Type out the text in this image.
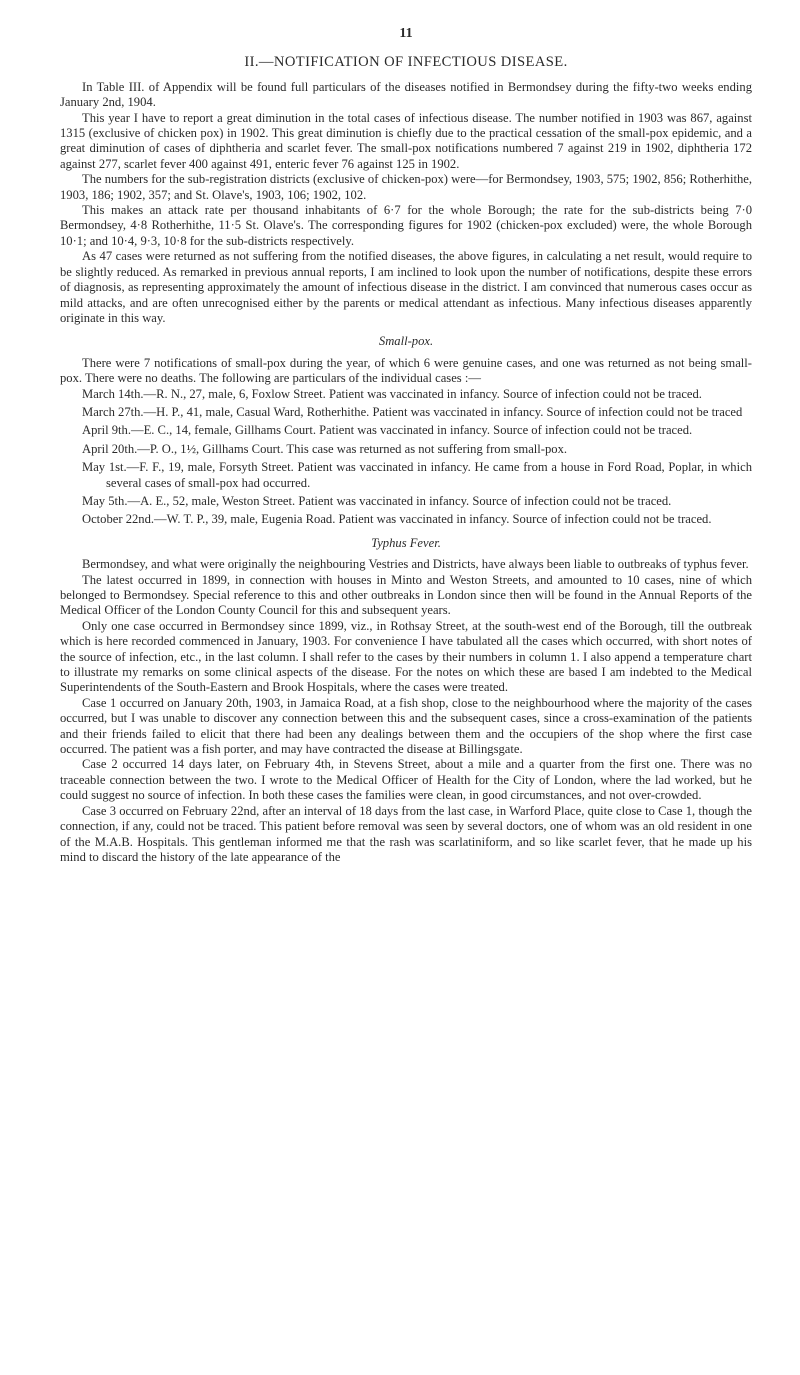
11
II.—NOTIFICATION OF INFECTIOUS DISEASE.

In Table III. of Appendix will be found full particulars of the diseases notified in Bermondsey during the fifty-two weeks ending January 2nd, 1904.

This year I have to report a great diminution in the total cases of infectious disease. The number notified in 1903 was 867, against 1315 (exclusive of chicken pox) in 1902. This great diminution is chiefly due to the practical cessation of the small-pox epidemic, and a great diminution of cases of diphtheria and scarlet fever. The small-pox notifications numbered 7 against 219 in 1902, diphtheria 172 against 277, scarlet fever 400 against 491, enteric fever 76 against 125 in 1902.

The numbers for the sub-registration districts (exclusive of chicken-pox) were—for Bermondsey, 1903, 575; 1902, 856; Rotherhithe, 1903, 186; 1902, 357; and St. Olave's, 1903, 106; 1902, 102.

This makes an attack rate per thousand inhabitants of 6·7 for the whole Borough; the rate for the sub-districts being 7·0 Bermondsey, 4·8 Rotherhithe, 11·5 St. Olave's. The corresponding figures for 1902 (chicken-pox excluded) were, the whole Borough 10·1; and 10·4, 9·3, 10·8 for the sub-districts respectively.

As 47 cases were returned as not suffering from the notified diseases, the above figures, in calculating a net result, would require to be slightly reduced. As remarked in previous annual reports, I am inclined to look upon the number of notifications, despite these errors of diagnosis, as representing approximately the amount of infectious disease in the district. I am convinced that numerous cases occur as mild attacks, and are often unrecognised either by the parents or medical attendant as infectious. Many infectious diseases apparently originate in this way.

Small-pox.

There were 7 notifications of small-pox during the year, of which 6 were genuine cases, and one was returned as not being small-pox. There were no deaths. The following are particulars of the individual cases :—

March 14th.—R. N., 27, male, 6, Foxlow Street. Patient was vaccinated in infancy. Source of infection could not be traced.
March 27th.—H. P., 41, male, Casual Ward, Rotherhithe. Patient was vaccinated in infancy. Source of infection could not be traced
April 9th.—E. C., 14, female, Gillhams Court. Patient was vaccinated in infancy. Source of infection could not be traced.
April 20th.—P. O., 1½, Gillhams Court. This case was returned as not suffering from small-pox.
May 1st.—F. F., 19, male, Forsyth Street. Patient was vaccinated in infancy. He came from a house in Ford Road, Poplar, in which several cases of small-pox had occurred.
May 5th.—A. E., 52, male, Weston Street. Patient was vaccinated in infancy. Source of infection could not be traced.
October 22nd.—W. T. P., 39, male, Eugenia Road. Patient was vaccinated in infancy. Source of infection could not be traced.
Typhus Fever.

Bermondsey, and what were originally the neighbouring Vestries and Districts, have always been liable to outbreaks of typhus fever.

The latest occurred in 1899, in connection with houses in Minto and Weston Streets, and amounted to 10 cases, nine of which belonged to Bermondsey. Special reference to this and other outbreaks in London since then will be found in the Annual Reports of the Medical Officer of the London County Council for this and subsequent years.

Only one case occurred in Bermondsey since 1899, viz., in Rothsay Street, at the south-west end of the Borough, till the outbreak which is here recorded commenced in January, 1903. For convenience I have tabulated all the cases which occurred, with short notes of the source of infection, etc., in the last column. I shall refer to the cases by their numbers in column 1. I also append a temperature chart to illustrate my remarks on some clinical aspects of the disease. For the notes on which these are based I am indebted to the Medical Superintendents of the South-Eastern and Brook Hospitals, where the cases were treated.

Case 1 occurred on January 20th, 1903, in Jamaica Road, at a fish shop, close to the neighbourhood where the majority of the cases occurred, but I was unable to discover any connection between this and the subsequent cases, since a cross-examination of the patients and their friends failed to elicit that there had been any dealings between them and the occupiers of the shop where the first case occurred. The patient was a fish porter, and may have contracted the disease at Billingsgate.

Case 2 occurred 14 days later, on February 4th, in Stevens Street, about a mile and a quarter from the first one. There was no traceable connection between the two. I wrote to the Medical Officer of Health for the City of London, where the lad worked, but he could suggest no source of infection. In both these cases the families were clean, in good circumstances, and not over-crowded.

Case 3 occurred on February 22nd, after an interval of 18 days from the last case, in Warford Place, quite close to Case 1, though the connection, if any, could not be traced. This patient before removal was seen by several doctors, one of whom was an old resident in one of the M.A.B. Hospitals. This gentleman informed me that the rash was scarlatiniform, and so like scarlet fever, that he made up his mind to discard the history of the late appearance of the
